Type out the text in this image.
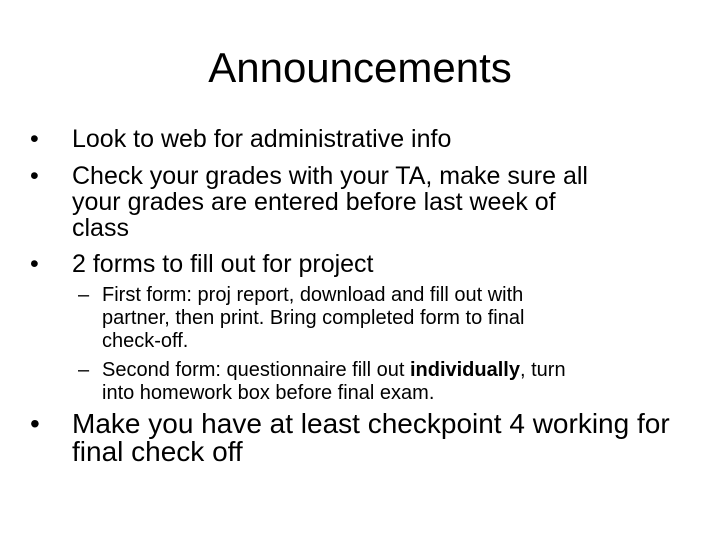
Announcements
• Look to web for administrative info
• Check your grades with your TA, make sure all
your grades are entered before last week of
class
• 2 forms to fill out for project
– First form: proj report, download and fill out with
partner, then print. Bring completed form to final
check-off.
– Second form: questionnaire fill out individually, turn
into homework box before final exam.
• Make you have at least checkpoint 4 working for
final check off
